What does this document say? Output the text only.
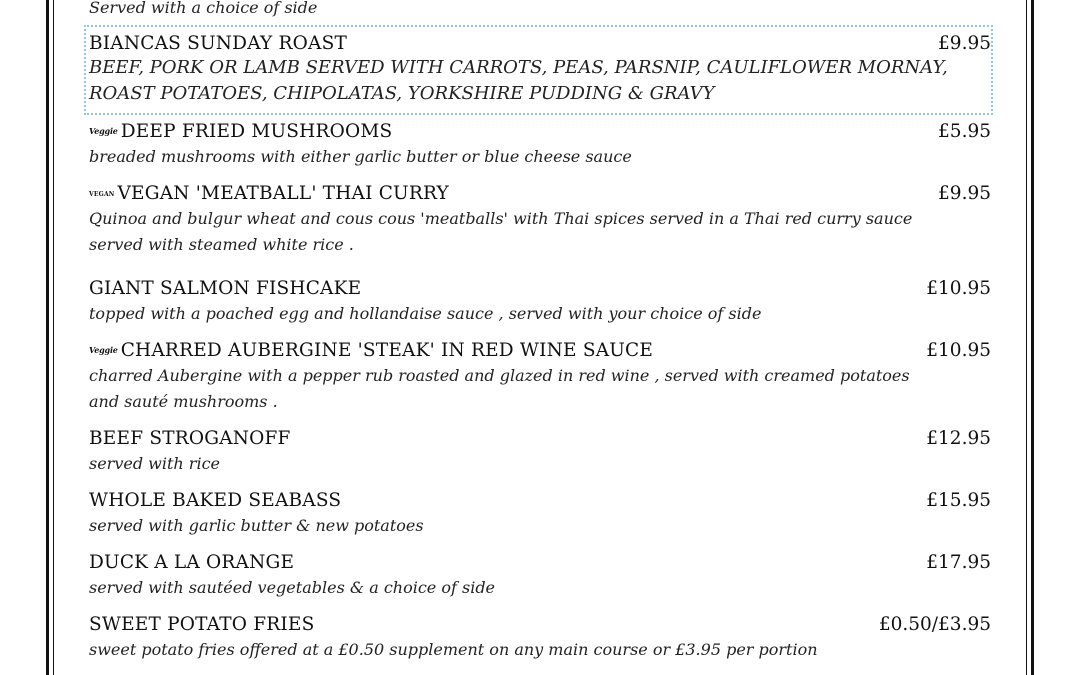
Served with a choice of side
BIANCAS SUNDAY ROAST	£9.95
BEEF, PORK OR LAMB SERVED WITH CARROTS, PEAS, PARSNIP, CAULIFLOWER MORNAY, ROAST POTATOES, CHIPOLATAS, YORKSHIRE PUDDING & GRAVY
Veggie DEEP FRIED MUSHROOMS	£5.95
breaded mushrooms with either garlic butter or blue cheese sauce
VEGAN VEGAN 'MEATBALL' THAI CURRY	£9.95
Quinoa and bulgur wheat and cous cous 'meatballs' with Thai spices served in a Thai red curry sauce served with steamed white rice .
GIANT SALMON FISHCAKE	£10.95
topped with a poached egg and hollandaise sauce , served with your choice of side
Veggie CHARRED AUBERGINE 'STEAK' IN RED WINE SAUCE	£10.95
charred Aubergine with a pepper rub roasted and glazed in red wine , served with creamed potatoes and sauté mushrooms .
BEEF STROGANOFF	£12.95
served with rice
WHOLE BAKED SEABASS	£15.95
served with garlic butter & new potatoes
DUCK A LA ORANGE	£17.95
served with sautéed vegetables & a choice of side
SWEET POTATO FRIES	£0.50/£3.95
sweet potato fries offered at a £0.50 supplement on any main course or £3.95 per portion
